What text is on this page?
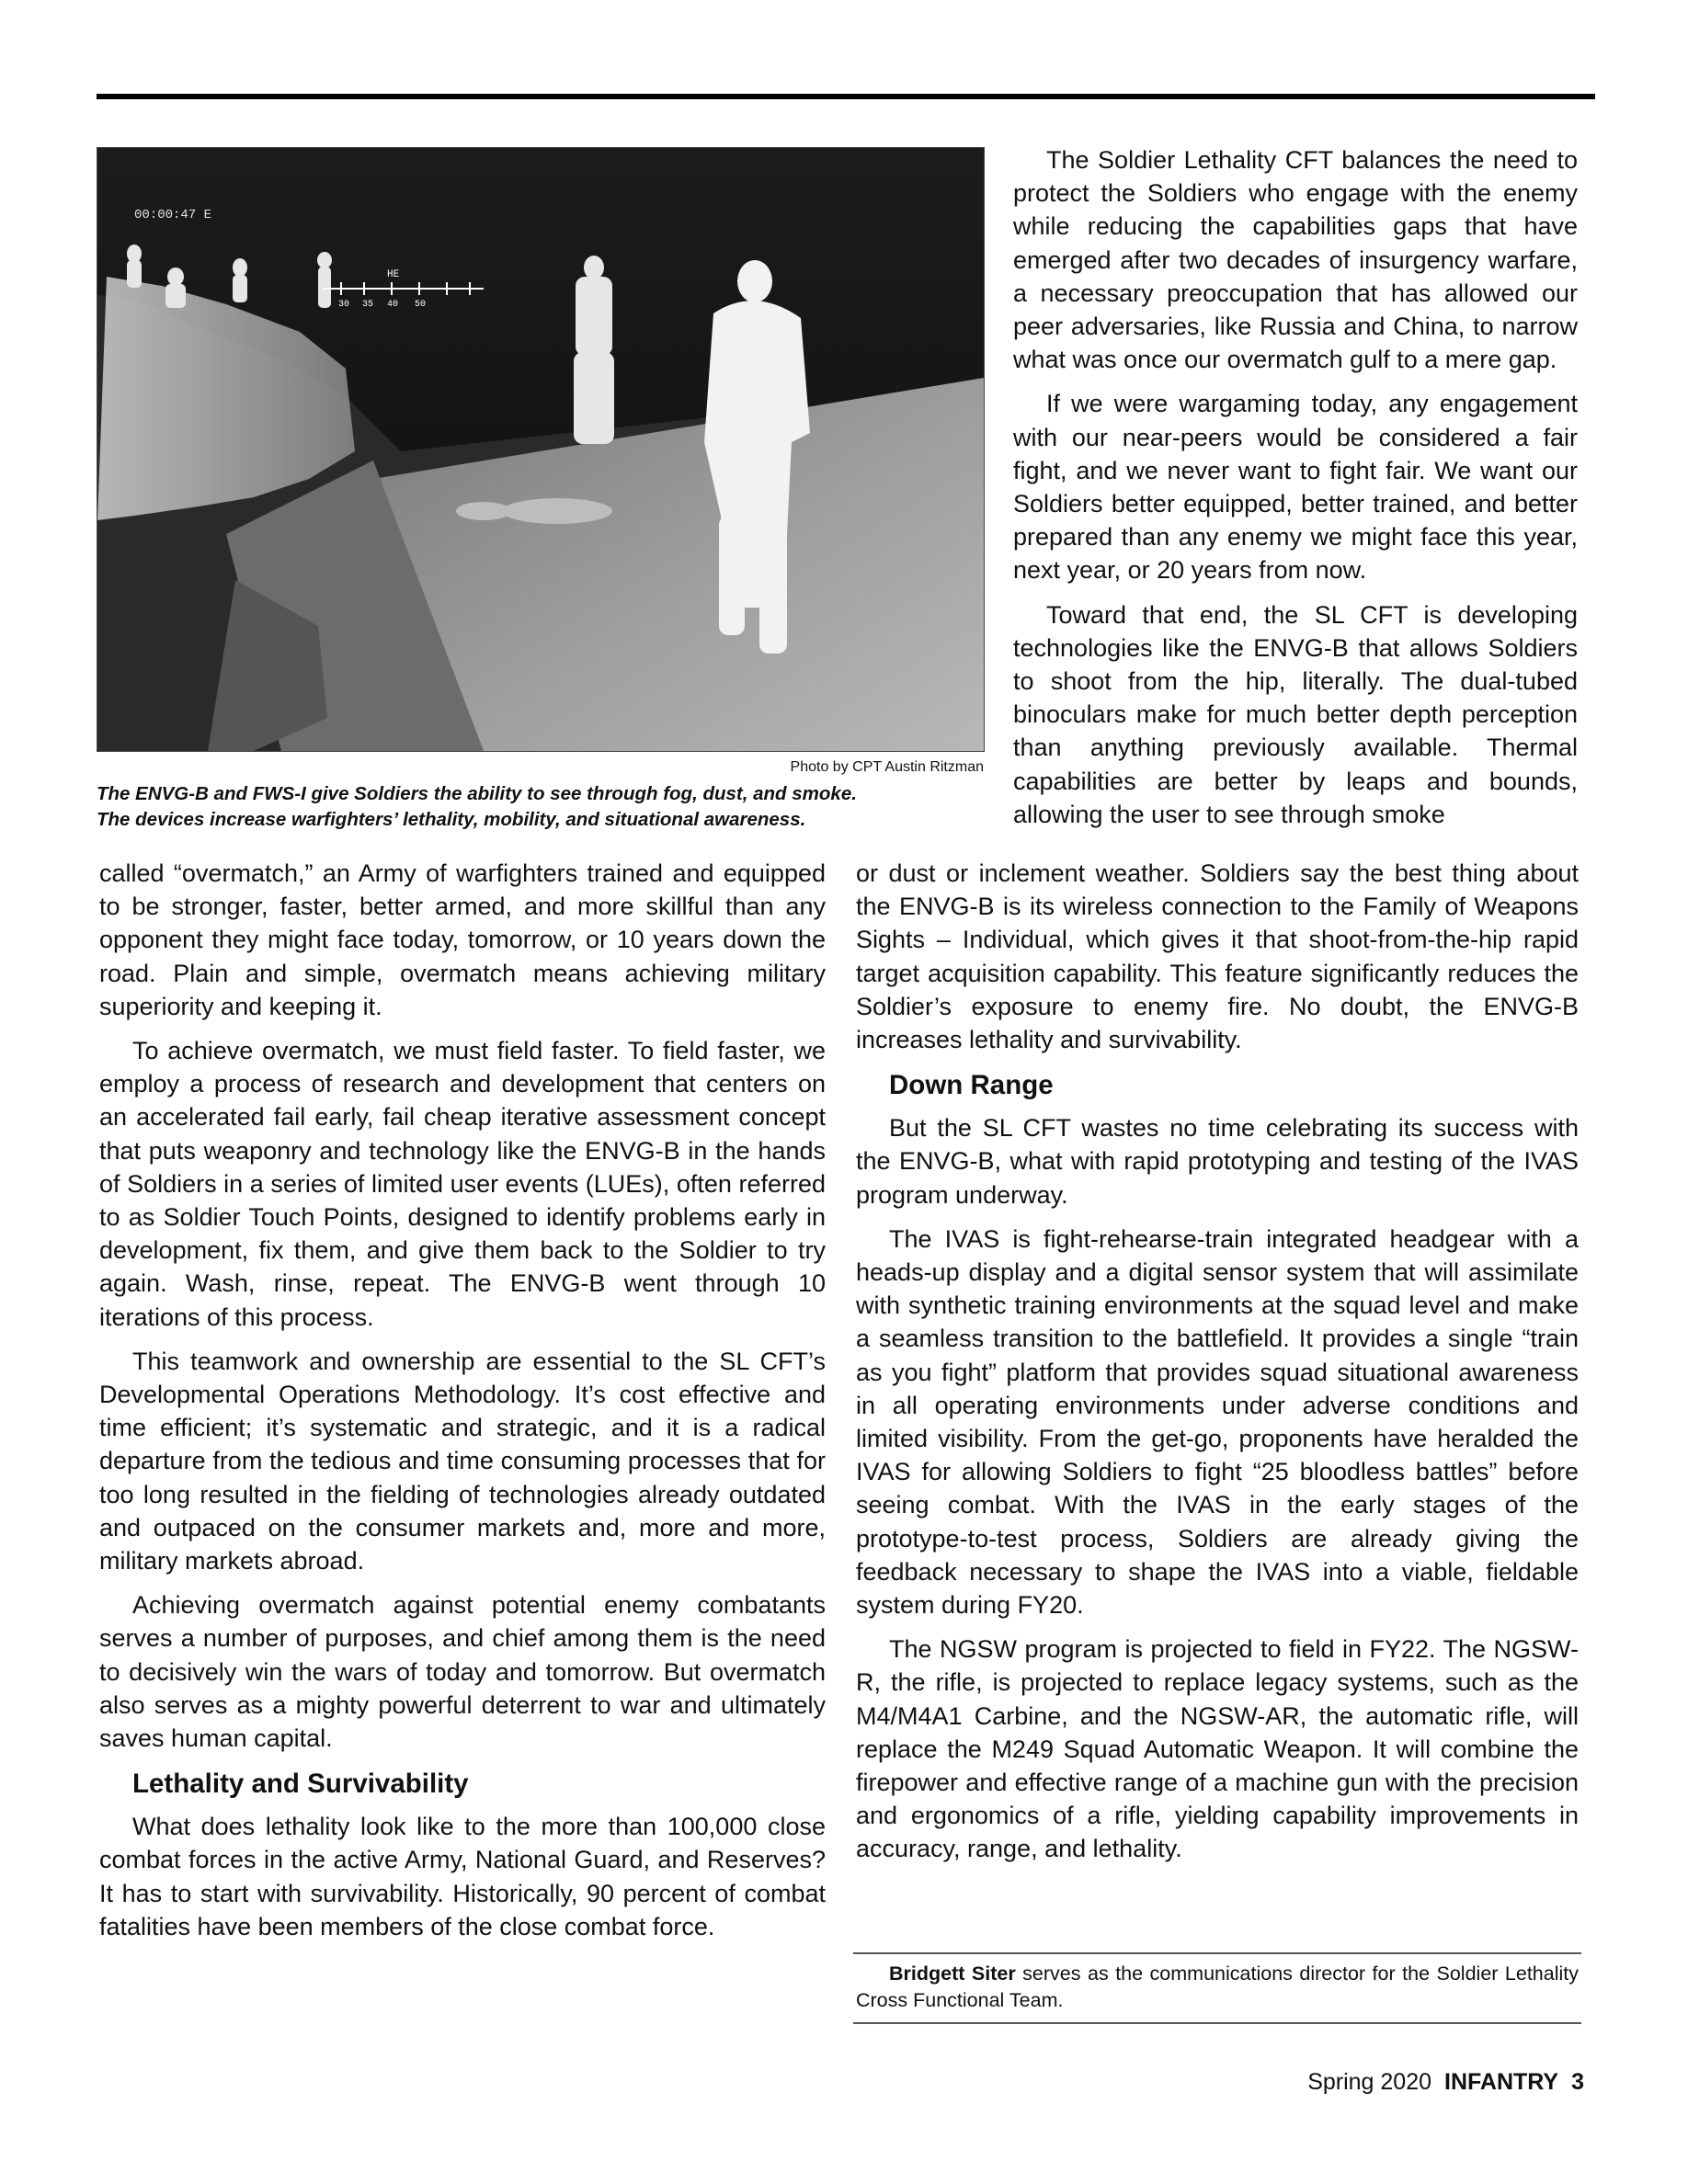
00:00:47 E
HE
30 35 40 50
Photo by CPT Austin Ritzman

The ENVG-B and FWS-I give Soldiers the ability to see through fog, dust, and smoke.

The devices increase warfighters’ lethality, mobility, and situational awareness.

The Soldier Lethality CFT balances the need to protect the Soldiers who engage with the enemy while reducing the capabilities gaps that have emerged after two decades of insurgency warfare, a necessary preoccupation that has allowed our peer adversaries, like Russia and China, to narrow what was once our overmatch gulf to a mere gap.

If we were wargaming today, any engagement with our near-peers would be considered a fair fight, and we never want to fight fair. We want our Soldiers better equipped, better trained, and better prepared than any enemy we might face this year, next year, or 20 years from now.

Toward that end, the SL CFT is developing technologies like the ENVG-B that allows Soldiers to shoot from the hip, literally. The dual-tubed binoculars make for much better depth perception than anything previously available. Thermal capabilities are better by leaps and bounds, allowing the user to see through smoke

called “overmatch,” an Army of warfighters trained and equipped to be stronger, faster, better armed, and more skillful than any opponent they might face today, tomorrow, or 10 years down the road. Plain and simple, overmatch means achieving military superiority and keeping it.

To achieve overmatch, we must field faster. To field faster, we employ a process of research and development that centers on an accelerated fail early, fail cheap iterative assessment concept that puts weaponry and technology like the ENVG-B in the hands of Soldiers in a series of limited user events (LUEs), often referred to as Soldier Touch Points, designed to identify problems early in development, fix them, and give them back to the Soldier to try again. Wash, rinse, repeat. The ENVG-B went through 10 iterations of this process.

This teamwork and ownership are essential to the SL CFT’s Developmental Operations Methodology. It’s cost effective and time efficient; it’s systematic and strategic, and it is a radical departure from the tedious and time consuming processes that for too long resulted in the fielding of technologies already outdated and outpaced on the consumer markets and, more and more, military markets abroad.

Achieving overmatch against potential enemy combatants serves a number of purposes, and chief among them is the need to decisively win the wars of today and tomorrow. But overmatch also serves as a mighty powerful deterrent to war and ultimately saves human capital.

Lethality and Survivability

What does lethality look like to the more than 100,000 close combat forces in the active Army, National Guard, and Reserves? It has to start with survivability. Historically, 90 percent of combat fatalities have been members of the close combat force.

or dust or inclement weather. Soldiers say the best thing about the ENVG-B is its wireless connection to the Family of Weapons Sights – Individual, which gives it that shoot-from-the-hip rapid target acquisition capability. This feature significantly reduces the Soldier’s exposure to enemy fire. No doubt, the ENVG-B increases lethality and survivability.

Down Range

But the SL CFT wastes no time celebrating its success with the ENVG-B, what with rapid prototyping and testing of the IVAS program underway.

The IVAS is fight-rehearse-train integrated headgear with a heads-up display and a digital sensor system that will assimilate with synthetic training environments at the squad level and make a seamless transition to the battlefield. It provides a single “train as you fight” platform that provides squad situational awareness in all operating environments under adverse conditions and limited visibility. From the get-go, proponents have heralded the IVAS for allowing Soldiers to fight “25 bloodless battles” before seeing combat. With the IVAS in the early stages of the prototype-to-test process, Soldiers are already giving the feedback necessary to shape the IVAS into a viable, fieldable system during FY20.

The NGSW program is projected to field in FY22. The NGSW-R, the rifle, is projected to replace legacy systems, such as the M4/M4A1 Carbine, and the NGSW-AR, the automatic rifle, will replace the M249 Squad Automatic Weapon. It will combine the firepower and effective range of a machine gun with the precision and ergonomics of a rifle, yielding capability improvements in accuracy, range, and lethality.

Bridgett Siter serves as the communications director for the Soldier Lethality Cross Functional Team.
Spring 2020 INFANTRY 3
